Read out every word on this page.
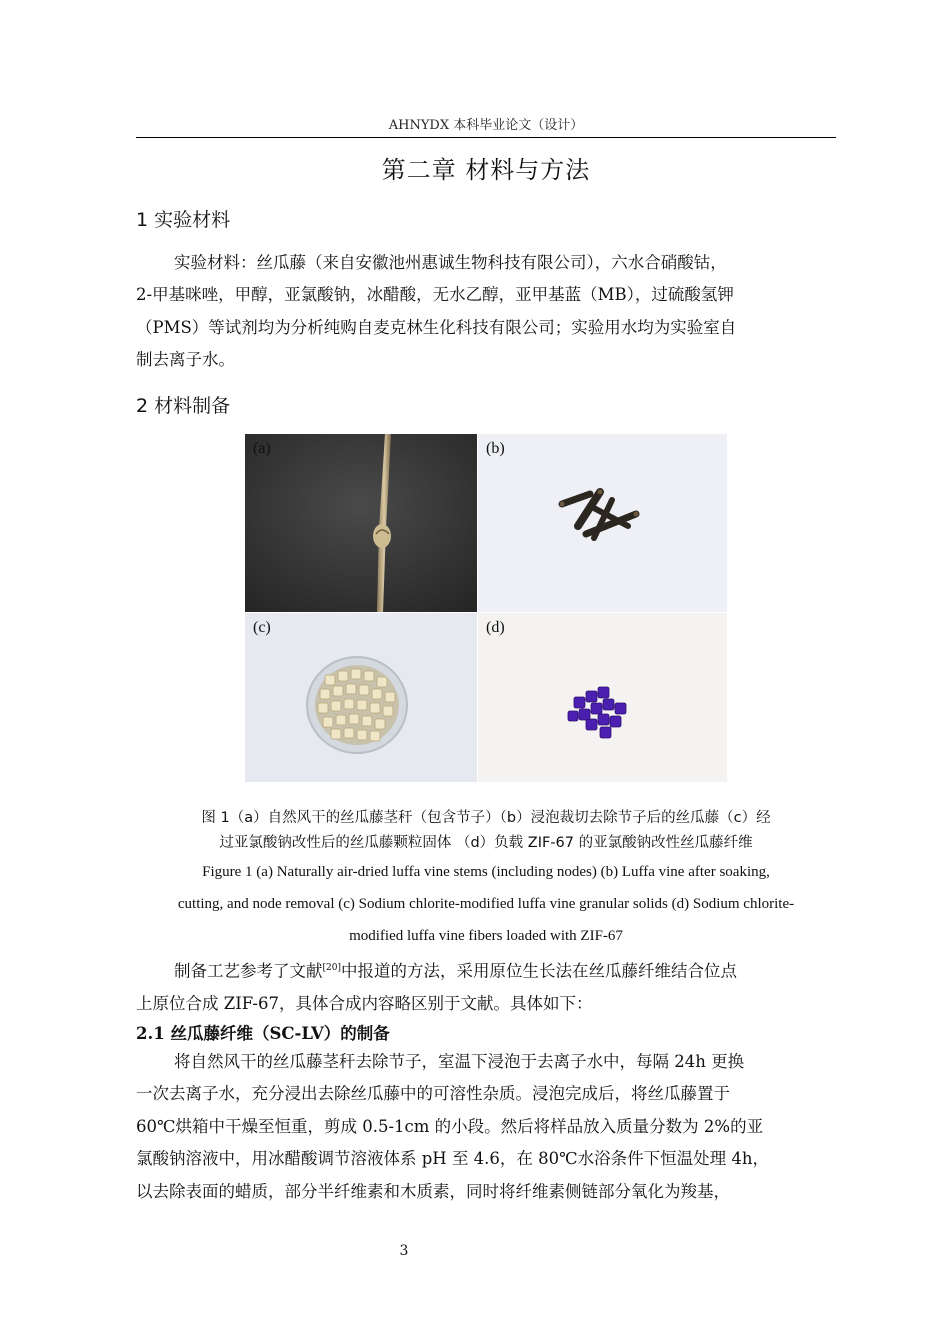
AHNYDX 本科毕业论文（设计）
第二章 材料与方法
1 实验材料
实验材料：丝瓜藤（来自安徽池州惠诚生物科技有限公司），六水合硝酸钴，
2-甲基咪唑，甲醇，亚氯酸钠，冰醋酸，无水乙醇，亚甲基蓝（MB），过硫酸氢钾
（PMS）等试剂均为分析纯购自麦克林生化科技有限公司；实验用水均为实验室自
制去离子水。
2 材料制备
(a)	(b)
(c)	(d)
图 1（a）自然风干的丝瓜藤茎秆（包含节子）（b）浸泡裁切去除节子后的丝瓜藤（c）经
过亚氯酸钠改性后的丝瓜藤颗粒固体 （d）负载 ZIF-67 的亚氯酸钠改性丝瓜藤纤维
Figure 1 (a) Naturally air-dried luffa vine stems (including nodes) (b) Luffa vine after soaking,
cutting, and node removal (c) Sodium chlorite-modified luffa vine granular solids (d) Sodium chlorite-
modified luffa vine fibers loaded with ZIF-67
制备工艺参考了文献[20]中报道的方法，采用原位生长法在丝瓜藤纤维结合位点
上原位合成 ZIF-67，具体合成内容略区别于文献。具体如下：
2.1 丝瓜藤纤维（SC-LV）的制备
将自然风干的丝瓜藤茎秆去除节子，室温下浸泡于去离子水中，每隔 24h 更换
一次去离子水，充分浸出去除丝瓜藤中的可溶性杂质。浸泡完成后，将丝瓜藤置于
60℃烘箱中干燥至恒重，剪成 0.5-1cm 的小段。然后将样品放入质量分数为 2%的亚
氯酸钠溶液中，用冰醋酸调节溶液体系 pH 至 4.6，在 80℃水浴条件下恒温处理 4h，
以去除表面的蜡质，部分半纤维素和木质素，同时将纤维素侧链部分氧化为羧基，
3
